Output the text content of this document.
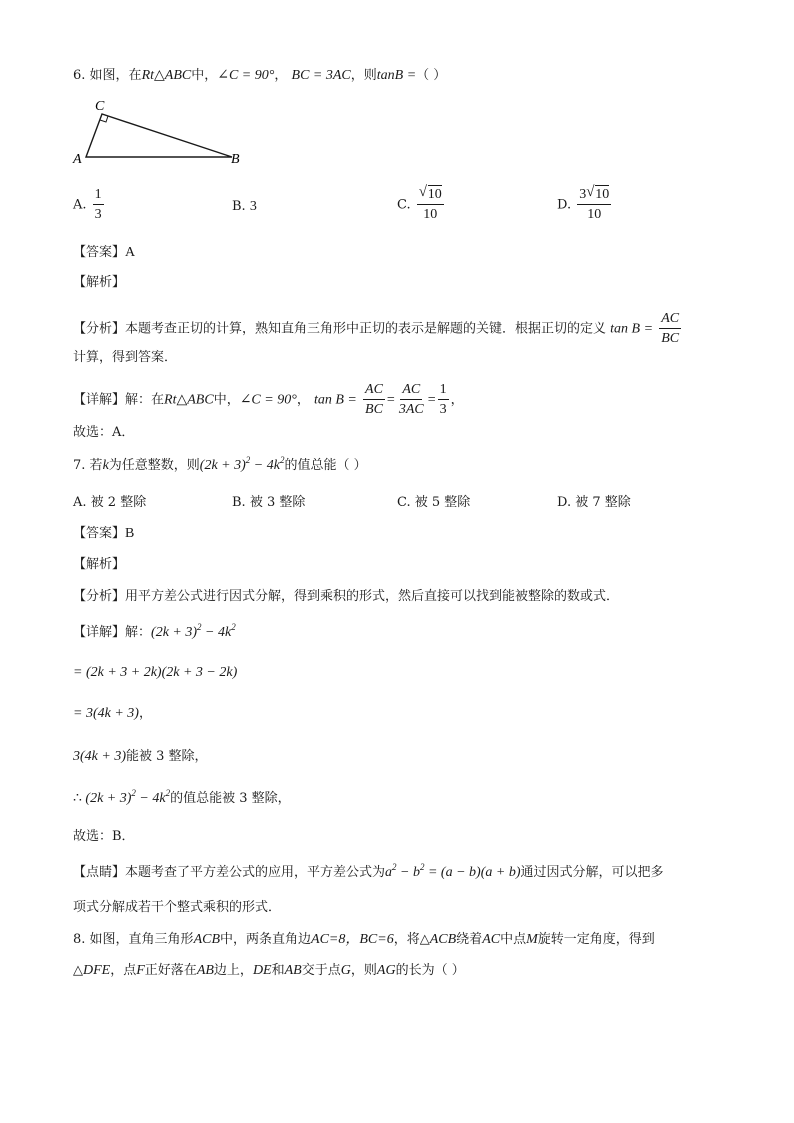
6. 如图，在Rt△ABC中，∠C = 90°， BC = 3AC，则tanB =（ ）
A	B
C
A. $\frac{1}{3}$	B. 3	C. $\frac{√ 10}{10}$	D. $\frac{3 √ 10}{10}$
【答案】A
【解析】
【分析】本题考查正切的计算，熟知直角三角形中正切的表示是解题的关键．根据正切的定义 $\tan B = \frac{AC}{BC}$
计算，得到答案．
【详解】解：在Rt△ABC中，∠C = 90°， $\tan B = \frac{AC}{BC} = \frac{AC}{3AC} = \frac{1}{3}$ ，
故选：A．
7. 若k为任意整数，则$(2k + 3)^2 - 4k^2$的值总能（ ）
A. 被 2 整除	B. 被 3 整除	C. 被 5 整除	D. 被 7 整除
【答案】B
【解析】
【分析】用平方差公式进行因式分解，得到乘积的形式，然后直接可以找到能被整除的数或式．
【详解】解：$(2k + 3)^2 - 4k^2$
= (2k + 3 + 2k)(2k + 3 − 2k)
= 3(4k + 3)，
3(4k + 3)能被 3 整除，
∴ $(2k + 3)^2 - 4k^2$的值总能被 3 整除，
故选：B．
【点睛】本题考查了平方差公式的应用，平方差公式为$a^2 - b^2 = (a - b)(a + b)$通过因式分解，可以把多
项式分解成若干个整式乘积的形式．
8. 如图，直角三角形ACB中，两条直角边AC=8，BC=6，将△ACB绕着AC中点M旋转一定角度，得到
△DFE，点F正好落在AB边上，DE和AB交于点G，则AG的长为（ ）
